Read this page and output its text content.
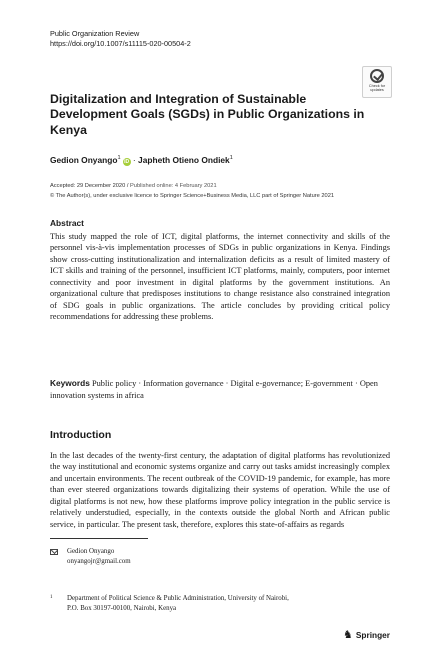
Public Organization Review
https://doi.org/10.1007/s11115-020-00504-2
Check for
updates
Digitalization and Integration of Sustainable Development Goals (SGDs) in Public Organizations in Kenya
Gedion Onyango$^1$iD · Japheth Otieno Ondiek$^1$
Accepted: 29 December 2020 / Published online: 4 February 2021
© The Author(s), under exclusive licence to Springer Science+Business Media, LLC part of Springer Nature 2021
Abstract
This study mapped the role of ICT, digital platforms, the internet connectivity and skills of the personnel vis-à-vis implementation processes of SDGs in public organizations in Kenya. Findings show cross-cutting institutionalization and internalization deficits as a result of limited mastery of ICT skills and training of the personnel, insufficient ICT platforms, mainly, computers, poor internet connectivity and poor investment in digital platforms by the government institutions. An organizational culture that predisposes institutions to change resistance also constrained integration of SDG goals in public organizations. The article concludes by providing critical policy recommendations for addressing these problems.
Keywords Public policy · Information governance · Digital e-governance; E-government · Open innovation systems in africa
Introduction
In the last decades of the twenty-first century, the adaptation of digital platforms has revolutionized the way institutional and economic systems organize and carry out tasks amidst increasingly complex and uncertain environments. The recent outbreak of the COVID-19 pandemic, for example, has more than ever steered organizations towards digitalizing their systems of operation. While the use of digital platforms is not new, how these platforms improve policy integration in the public service is relatively understudied, especially, in the contexts outside the global North and African public service, in particular. The present task, therefore, explores this state-of-affairs as regards
Gedion Onyango
onyangojr@gmail.com
1 Department of Political Science & Public Administration, University of Nairobi,
P.O. Box 30197-00100, Nairobi, Kenya
♞ Springer
